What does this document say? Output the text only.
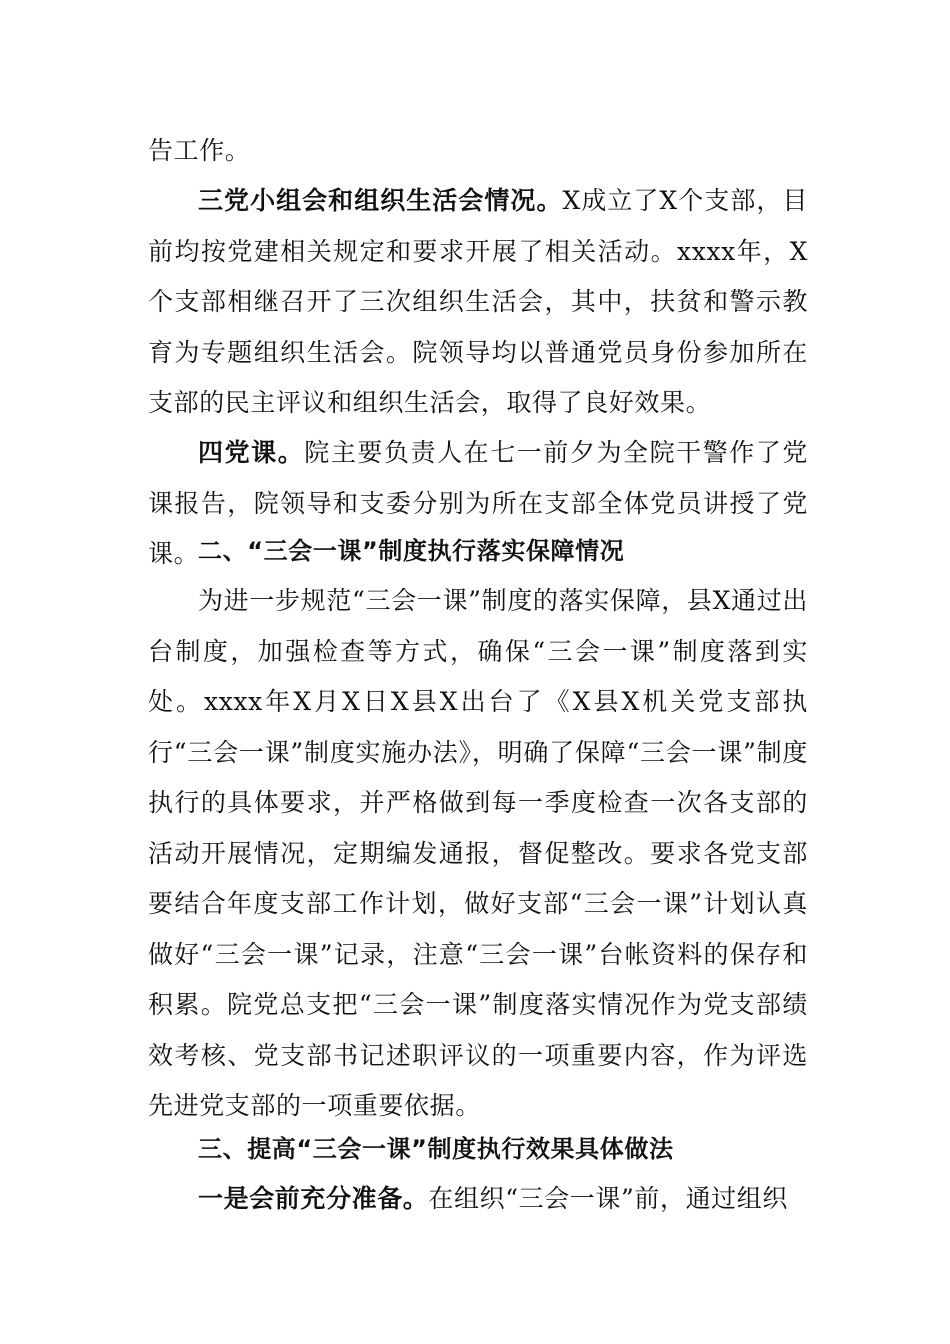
告工作。

三党小组会和组织生活会情况。X成立了X个支部，目前均按党建相关规定和要求开展了相关活动。xxxx年，X个支部相继召开了三次组织生活会，其中，扶贫和警示教育为专题组织生活会。院领导均以普通党员身份参加所在支部的民主评议和组织生活会，取得了良好效果。

四党课。院主要负责人在七一前夕为全院干警作了党课报告，院领导和支委分别为所在支部全体党员讲授了党课。

二、“三会一课”制度执行落实保障情况

为进一步规范“三会一课”制度的落实保障，县X通过出台制度，加强检查等方式，确保“三会一课”制度落到实处。xxxx年X月X日X县X出台了《X县X机关党支部执行“三会一课”制度实施办法》，明确了保障“三会一课”制度执行的具体要求，并严格做到每一季度检查一次各支部的活动开展情况，定期编发通报，督促整改。要求各党支部要结合年度支部工作计划，做好支部“三会一课”计划认真做好“三会一课”记录，注意“三会一课”台帐资料的保存和积累。院党总支把“三会一课”制度落实情况作为党支部绩效考核、党支部书记述职评议的一项重要内容，作为评选先进党支部的一项重要依据。

三、提高“三会一课”制度执行效果具体做法

一是会前充分准备。在组织“三会一课”前，通过组织
